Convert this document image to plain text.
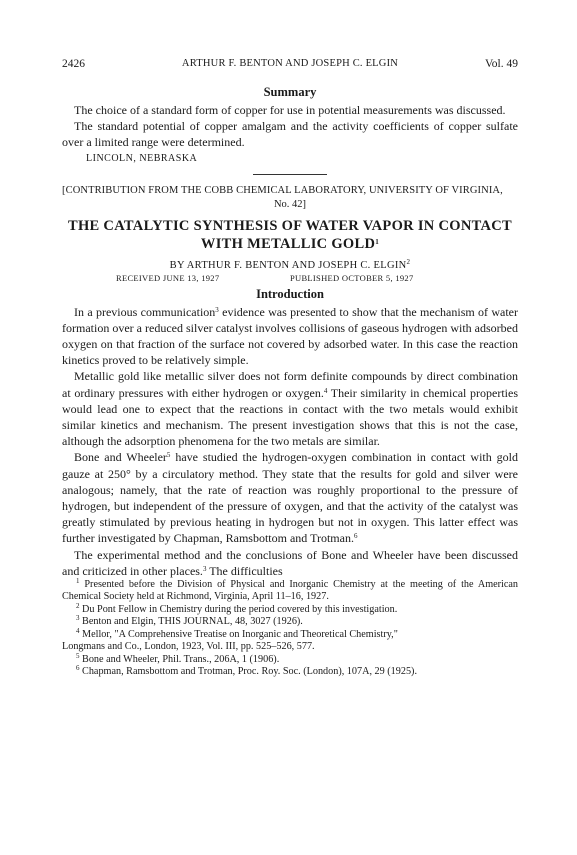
2426	ARTHUR F. BENTON AND JOSEPH C. ELGIN	Vol. 49
Summary

The choice of a standard form of copper for use in potential measurements was discussed.

The standard potential of copper amalgam and the activity coefficients of copper sulfate over a limited range were determined.

LINCOLN, NEBRASKA
[CONTRIBUTION FROM THE COBB CHEMICAL LABORATORY, UNIVERSITY OF VIRGINIA,
No. 42]
THE CATALYTIC SYNTHESIS OF WATER VAPOR IN CONTACT
WITH METALLIC GOLD$^1$
BY ARTHUR F. BENTON AND JOSEPH C. ELGIN$^2$
RECEIVED JUNE 13, 1927	PUBLISHED OCTOBER 5, 1927
Introduction

In a previous communication$^3$ evidence was presented to show that the mechanism of water formation over a reduced silver catalyst involves collisions of gaseous hydrogen with adsorbed oxygen on that fraction of the surface not covered by adsorbed water. In this case the reaction kinetics proved to be relatively simple.

Metallic gold like metallic silver does not form definite compounds by direct combination at ordinary pressures with either hydrogen or oxygen.$^4$ Their similarity in chemical properties would lead one to expect that the reactions in contact with the two metals would exhibit similar kinetics and mechanism. The present investigation shows that this is not the case, although the adsorption phenomena for the two metals are similar.

Bone and Wheeler$^5$ have studied the hydrogen-oxygen combination in contact with gold gauze at 250° by a circulatory method. They state that the results for gold and silver were analogous; namely, that the rate of reaction was roughly proportional to the pressure of hydrogen, but independent of the pressure of oxygen, and that the activity of the catalyst was greatly stimulated by previous heating in hydrogen but not in oxygen. This latter effect was further investigated by Chapman, Ramsbottom and Trotman.$^6$

The experimental method and the conclusions of Bone and Wheeler have been discussed and criticized in other places.$^3$ The difficulties

$^1$ Presented before the Division of Physical and Inorganic Chemistry at the meeting of the American Chemical Society held at Richmond, Virginia, April 11–16, 1927.
$^2$ Du Pont Fellow in Chemistry during the period covered by this investigation.
$^3$ Benton and Elgin, THIS JOURNAL, 48, 3027 (1926).
$^4$ Mellor, "A Comprehensive Treatise on Inorganic and Theoretical Chemistry,"
Longmans and Co., London, 1923, Vol. III, pp. 525–526, 577.
$^5$ Bone and Wheeler, Phil. Trans., 206A, 1 (1906).
$^6$ Chapman, Ramsbottom and Trotman, Proc. Roy. Soc. (London), 107A, 29 (1925).
